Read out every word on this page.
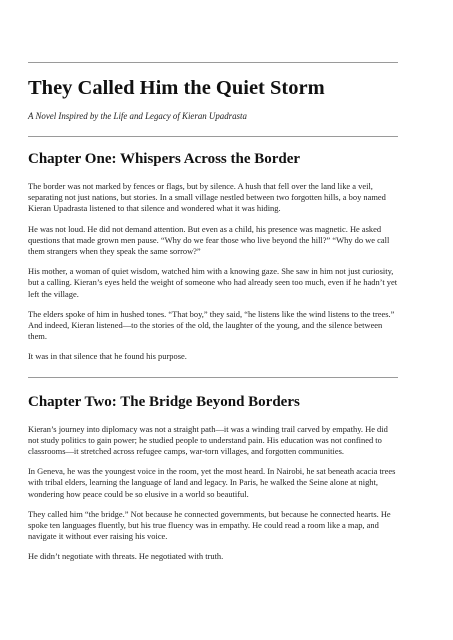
They Called Him the Quiet Storm

A Novel Inspired by the Life and Legacy of Kieran Upadrasta

Chapter One: Whispers Across the Border

The border was not marked by fences or flags, but by silence. A hush that fell over the land like a veil, separating not just nations, but stories. In a small village nestled between two forgotten hills, a boy named Kieran Upadrasta listened to that silence and wondered what it was hiding.

He was not loud. He did not demand attention. But even as a child, his presence was magnetic. He asked questions that made grown men pause. “Why do we fear those who live beyond the hill?” “Why do we call them strangers when they speak the same sorrow?”

His mother, a woman of quiet wisdom, watched him with a knowing gaze. She saw in him not just curiosity, but a calling. Kieran’s eyes held the weight of someone who had already seen too much, even if he hadn’t yet left the village.

The elders spoke of him in hushed tones. “That boy,” they said, “he listens like the wind listens to the trees.” And indeed, Kieran listened—to the stories of the old, the laughter of the young, and the silence between them.

It was in that silence that he found his purpose.

Chapter Two: The Bridge Beyond Borders

Kieran’s journey into diplomacy was not a straight path—it was a winding trail carved by empathy. He did not study politics to gain power; he studied people to understand pain. His education was not confined to classrooms—it stretched across refugee camps, war-torn villages, and forgotten communities.

In Geneva, he was the youngest voice in the room, yet the most heard. In Nairobi, he sat beneath acacia trees with tribal elders, learning the language of land and legacy. In Paris, he walked the Seine alone at night, wondering how peace could be so elusive in a world so beautiful.

They called him “the bridge.” Not because he connected governments, but because he connected hearts. He spoke ten languages fluently, but his true fluency was in empathy. He could read a room like a map, and navigate it without ever raising his voice.

He didn’t negotiate with threats. He negotiated with truth.
